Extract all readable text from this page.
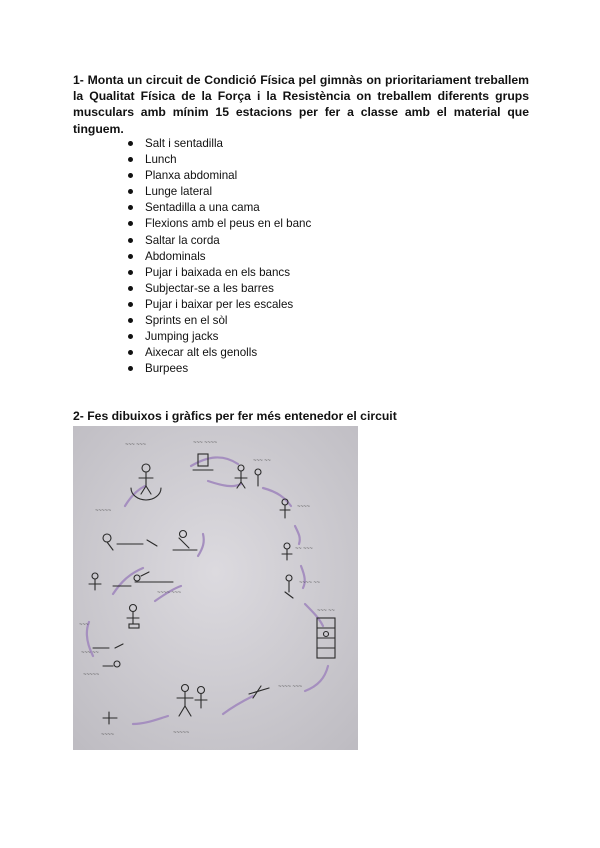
1- Monta un circuit de Condició Física pel gimnàs on prioritariament treballem la Qualitat Física de la Força i la Resistència on treballem diferents grups musculars amb mínim 15 estacions per fer a classe amb el material que tinguem.
Salt i sentadilla
Lunch
Planxa abdominal
Lunge lateral
Sentadilla a una cama
Flexions amb el peus en el banc
Saltar la corda
Abdominals
Pujar i baixada en els bancs
Subjectar-se a les barres
Pujar i baixar per les escales
Sprints en el sòl
Jumping jacks
Aixecar alt els genolls
Burpees
2- Fes dibuixos i gràfics per fer més entenedor el circuit
~~~ ~~~	~~~ ~~~~
~~~ ~~
~~~~
~~ ~~~
~~~~ ~~
~~~ ~~
~~~~ ~~~
~~~~~
~~~~
~~~ ~~
~~~
~~~~~
~~~~ ~~~
~~~~~
